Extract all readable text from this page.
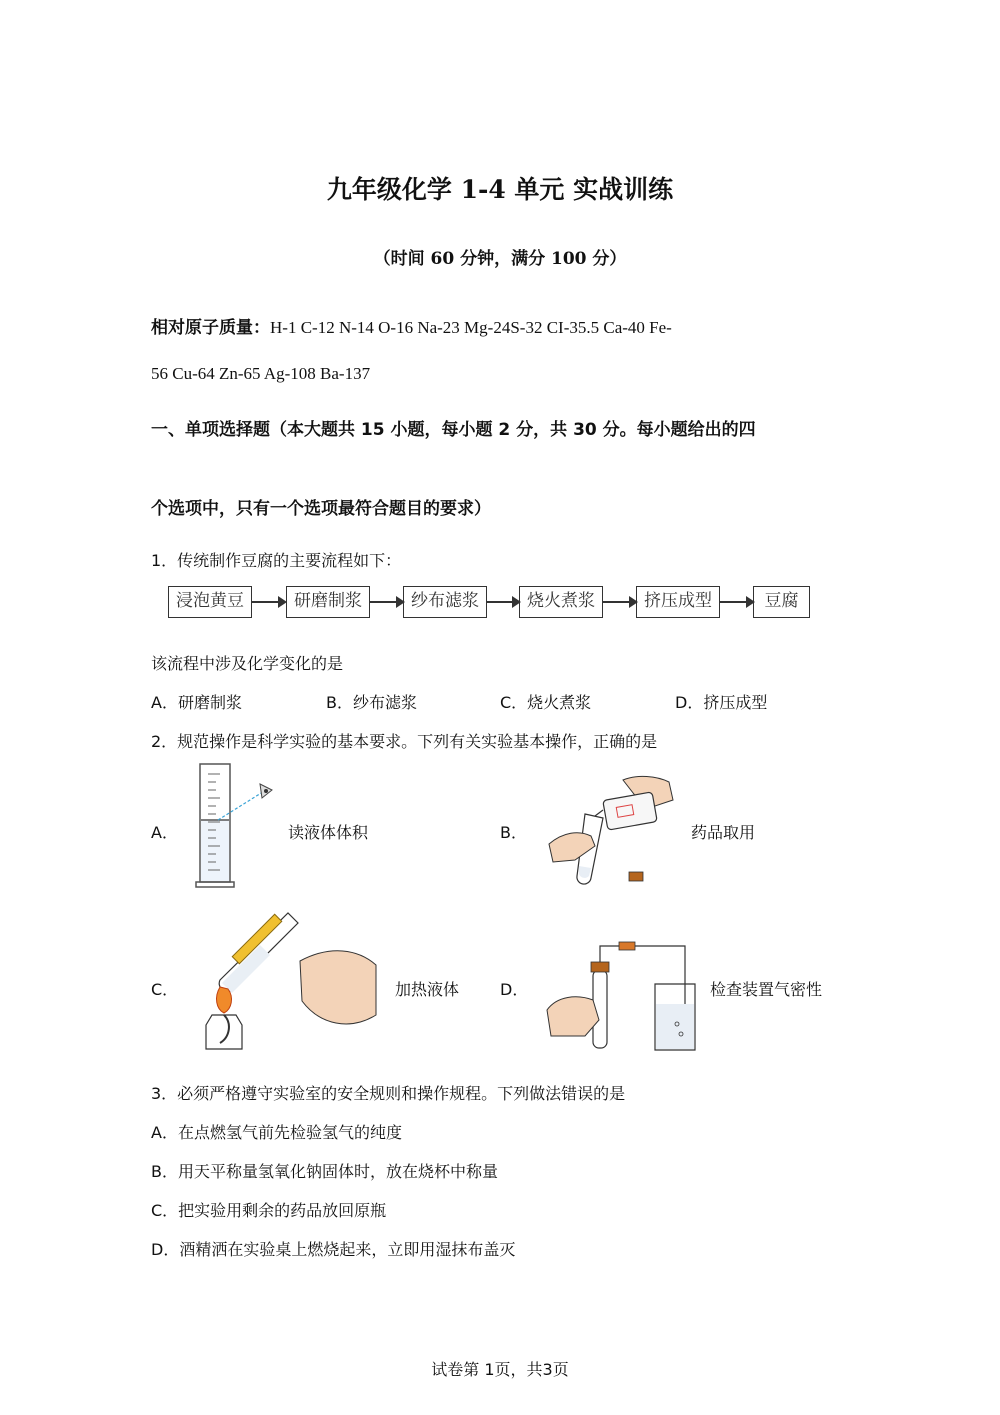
九年级化学 1-4 单元 实战训练
（时间 60 分钟，满分 100 分）
相对原子质量：H-1 C-12 N-14 O-16 Na-23 Mg-24S-32 CI-35.5 Ca-40 Fe-
56 Cu-64 Zn-65 Ag-108 Ba-137
一、单项选择题（本大题共 15 小题，每小题 2 分，共 30 分。每小题给出的四
个选项中，只有一个选项最符合题目的要求）
1．传统制作豆腐的主要流程如下：
浸泡黄豆	研磨制浆	纱布滤浆	烧火煮浆	挤压成型	豆腐
该流程中涉及化学变化的是
A．研磨制浆	B．纱布滤浆	C．烧火煮浆	D．挤压成型
2．规范操作是科学实验的基本要求。下列有关实验基本操作，正确的是
A．	读液体体积	B．	药品取用
C．	加热液体	D．	检查装置气密性
3．必须严格遵守实验室的安全规则和操作规程。下列做法错误的是
A．在点燃氢气前先检验氢气的纯度
B．用天平称量氢氧化钠固体时，放在烧杯中称量
C．把实验用剩余的药品放回原瓶
D．酒精洒在实验桌上燃烧起来，立即用湿抹布盖灭
试卷第 1页，共3页
